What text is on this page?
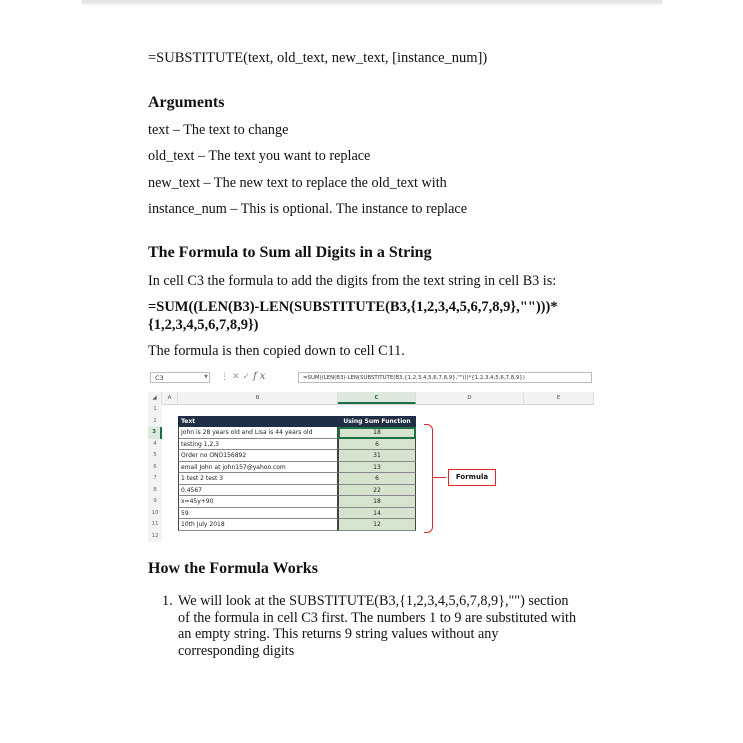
=SUBSTITUTE(text, old_text, new_text, [instance_num])
Arguments

text – The text to change

old_text – The text you want to replace

new_text – The new text to replace the old_text with

instance_num – This is optional. The instance to replace

The Formula to Sum all Digits in a String

In cell C3 the formula to add the digits from the text string in cell B3 is:

=SUM((LEN(B3)-LEN(SUBSTITUTE(B3,{1,2,3,4,5,6,7,8,9},"")))*
{1,2,3,4,5,6,7,8,9})

The formula is then copied down to cell C11.

C3	▼ ⋮✕✓fx	=SUM((LEN(B3)-LEN(SUBSTITUTE(B3,{1,2,3,4,5,6,7,8,9},"")))*{1,2,3,4,5,6,7,8,9})
◢	A	B	C	D	E
1
2
3
4
5
6
7
8
9
10
11
12
Text	Using Sum Function
John is 28 years old and Lisa is 44 years old	18
testing 1,2,3	6
Order no ONO156892	31
email John at john157@yahoo.com	13
1 test 2 test 3	6
0.4567	22
x=45y+90	18
59	14
10th July 2018	12
Formula
How the Formula Works
1. We will look at the SUBSTITUTE(B3,{1,2,3,4,5,6,7,8,9},"") section
of the formula in cell C3 first. The numbers 1 to 9 are substituted with
an empty string. This returns 9 string values without any
corresponding digits
